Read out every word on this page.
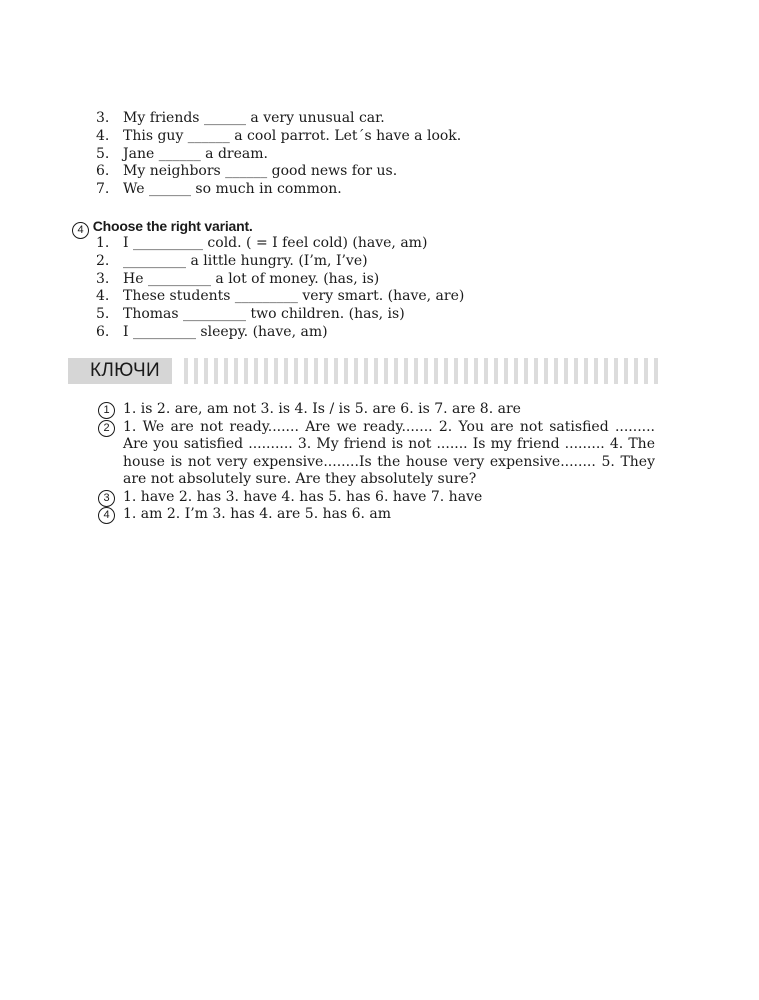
3. My friends ______ a very unusual car.
4. This guy ______ a cool parrot. Let´s have a look.
5. Jane ______ a dream.
6. My neighbors ______ good news for us.
7. We ______ so much in common.
4 Choose the right variant.
1. I __________ cold. ( = I feel cold) (have, am)
2. _________ a little hungry. (I’m, I’ve)
3. He _________ a lot of money. (has, is)
4. These students _________ very smart. (have, are)
5. Thomas _________ two children. (has, is)
6. I _________ sleepy. (have, am)
КЛЮЧИ
1 1. is 2. are, am not 3. is 4. Is / is 5. are 6. is 7. are 8. are
2 1. We are not ready....... Are we ready....... 2. You are not satisfied ......... Are you satisfied .......... 3. My friend is not ....... Is my friend ......... 4. The house is not very expensive........Is the house very expensive........ 5. They are not absolutely sure. Are they absolutely sure?
3 1. have 2. has 3. have 4. has 5. has 6. have 7. have
4 1. am 2. I’m 3. has 4. are 5. has 6. am
